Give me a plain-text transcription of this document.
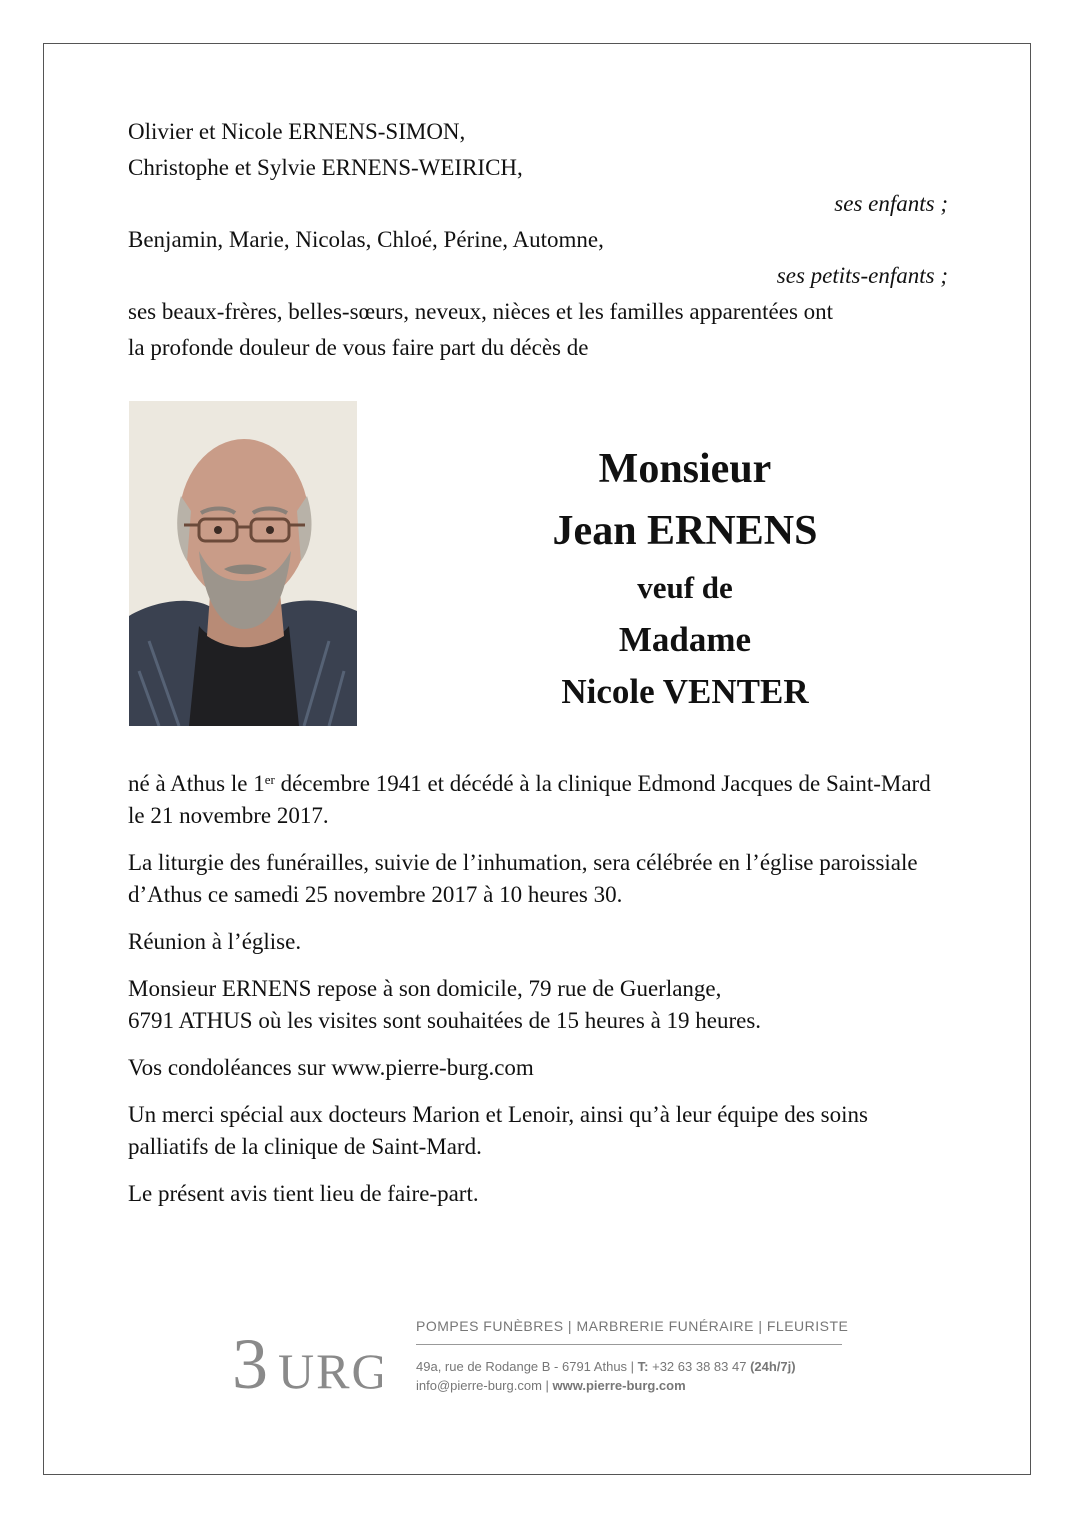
Olivier et Nicole ERNENS-SIMON,

Christophe et Sylvie ERNENS-WEIRICH,

ses enfants ;

Benjamin, Marie, Nicolas, Chloé, Périne, Automne,

ses petits-enfants ;

ses beaux-frères, belles-sœurs, neveux, nièces et les familles apparentées ont

la profonde douleur de vous faire part du décès de

Monsieur
Jean ERNENS
veuf de
Madame
Nicole VENTER

né à Athus le 1er décembre 1941 et décédé à la clinique Edmond Jacques de Saint-Mard le 21 novembre 2017.

La liturgie des funérailles, suivie de l’inhumation, sera célébrée en l’église paroissiale d’Athus ce samedi 25 novembre 2017 à 10 heures 30.

Réunion à l’église.

Monsieur ERNENS repose à son domicile, 79 rue de Guerlange,
6791 ATHUS où les visites sont souhaitées de 15 heures à 19 heures.

Vos condoléances sur www.pierre-burg.com

Un merci spécial aux docteurs Marion et Lenoir, ainsi qu’à leur équipe des soins palliatifs de la clinique de Saint-Mard.

Le présent avis tient lieu de faire-part.

3 URG
POMPES FUNÈBRES | MARBRERIE FUNÉRAIRE | FLEURISTE
49a, rue de Rodange B - 6791 Athus | T: +32 63 38 83 47 (24h/7j)
info@pierre-burg.com | www.pierre-burg.com
